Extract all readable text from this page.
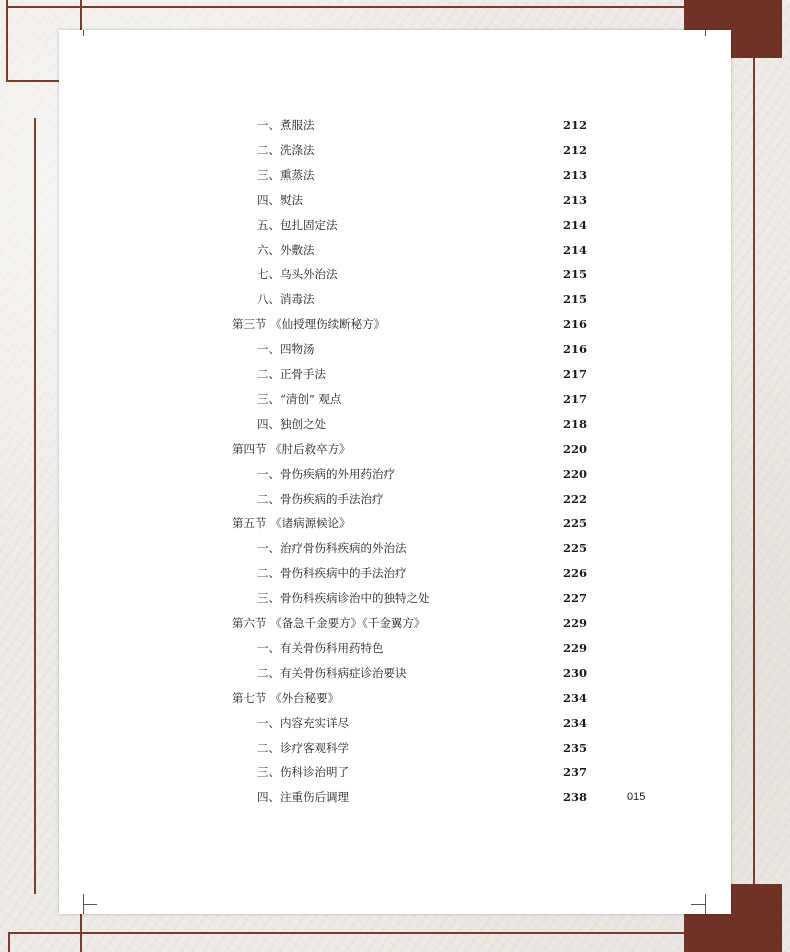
一、煮服法	212
二、洗涤法	212
三、熏蒸法	213
四、熨法	213
五、包扎固定法	214
六、外敷法	214
七、乌头外治法	215
八、消毒法	215
第三节 《仙授理伤续断秘方》	216
一、四物汤	216
二、正骨手法	217
三、“清创” 观点	217
四、独创之处	218
第四节 《肘后救卒方》	220
一、骨伤疾病的外用药治疗	220
二、骨伤疾病的手法治疗	222
第五节 《诸病源候论》	225
一、治疗骨伤科疾病的外治法	225
二、骨伤科疾病中的手法治疗	226
三、骨伤科疾病诊治中的独特之处	227
第六节 《备急千金要方》《千金翼方》	229
一、有关骨伤科用药特色	229
二、有关骨伤科病症诊治要诀	230
第七节 《外台秘要》	234
一、内容充实详尽	234
二、诊疗客观科学	235
三、伤科诊治明了	237
四、注重伤后调理	238	015
